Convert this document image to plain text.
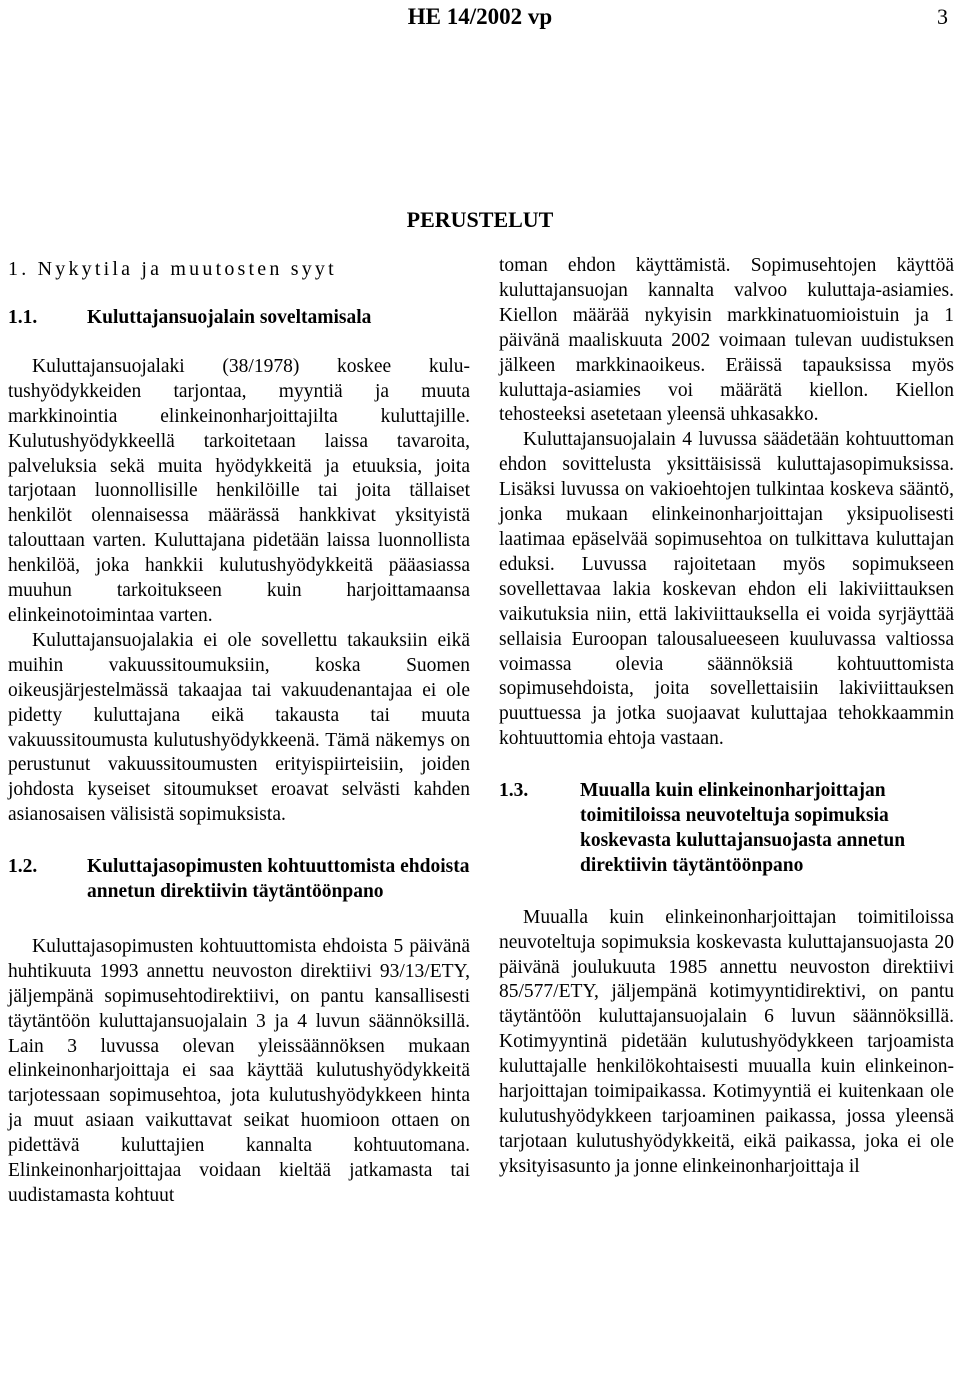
HE 14/2002 vp	3
PERUSTELUT
1. Nykytila ja muutosten syyt
1.1.	Kuluttajansuojalain soveltamisala

Kuluttajansuojalaki (38/1978) koskee kulutushyödykkeiden tarjontaa, myyntiä ja muuta markkinointia elinkeinonharjoittajilta kuluttajille. Kulutushyödykkeellä tarkoitetaan laissa tavaroita, palveluksia sekä muita hyödykkeitä ja etuuksia, joita tarjotaan luonnollisille henkilöille tai joita tällaiset henkilöt olennaisessa määrässä hankkivat yksityistä talouttaan varten. Kuluttajana pidetään laissa luonnollista henkilöä, joka hankkii kulutushyödykkeitä pääasiassa muuhun tarkoitukseen kuin harjoittamaansa elinkeinotoimintaa varten.

Kuluttajansuojalakia ei ole sovellettu takauksiin eikä muihin vakuussitoumuksiin, koska Suomen oikeusjärjestelmässä takaajaa tai vakuudenantajaa ei ole pidetty kuluttajana eikä takausta tai muuta vakuussitoumusta kulutushyödykkeenä. Tämä näkemys on perustunut vakuussitoumusten erityispiirteisiin, joiden johdosta kyseiset sitoumukset eroavat selvästi kahden asianosaisen välisistä sopimuksista.

1.2.	Kuluttajasopimusten kohtuuttomista ehdoista annetun direktiivin täytäntöönpano

Kuluttajasopimusten kohtuuttomista ehdoista 5 päivänä huhtikuuta 1993 annettu neuvoston direktiivi 93/13/ETY, jäljempänä sopimusehtodirektiivi, on pantu kansallisesti täytäntöön kuluttajansuojalain 3 ja 4 luvun säännöksillä. Lain 3 luvussa olevan yleissäännöksen mukaan elinkeinonharjoittaja ei saa käyttää kulutushyödykkeitä tarjotessaan sopimusehtoa, jota kulutushyödykkeen hinta ja muut asiaan vaikuttavat seikat huomioon ottaen on pidettävä kuluttajien kannalta kohtuutomana. Elinkeinonharjoittajaa voidaan kieltää jatkamasta tai uudistamasta kohtuut

toman ehdon käyttämistä. Sopimusehtojen käyttöä kuluttajansuojan kannalta valvoo kuluttaja-asiamies. Kiellon määrää nykyisin markkinatuomioistuin ja 1 päivänä maaliskuuta 2002 voimaan tulevan uudistuksen jälkeen markkinaoikeus. Eräissä tapauksissa myös kuluttaja-asiamies voi määrätä kiellon. Kiellon tehosteeksi asetetaan yleensä uhkasakko.

Kuluttajansuojalain 4 luvussa säädetään kohtuuttoman ehdon sovittelusta yksittäisissä kuluttajasopimuksissa. Lisäksi luvussa on vakioehtojen tulkintaa koskeva sääntö, jonka mukaan elinkeinonharjoittajan yksipuolisesti laatimaa epäselvää sopimusehtoa on tulkittava kuluttajan eduksi. Luvussa rajoitetaan myös sopimukseen sovellettavaa lakia koskevan ehdon eli lakiviittauksen vaikutuksia niin, että lakiviittauksella ei voida syrjäyttää sellaisia Euroopan talousalueeseen kuuluvassa valtiossa voimassa olevia säännöksiä kohtuuttomista sopimusehdoista, joita sovellettaisiin lakiviittauksen puuttuessa ja jotka suojaavat kuluttajaa tehokkaammin kohtuuttomia ehtoja vastaan.

1.3.	Muualla kuin elinkeinonharjoittajan toimitiloissa neuvoteltuja sopimuksia koskevasta kuluttajansuojasta annetun direktiivin täytäntöönpano

Muualla kuin elinkeinonharjoittajan toimitiloissa neuvoteltuja sopimuksia koskevasta kuluttajansuojasta 20 päivänä joulukuuta 1985 annettu neuvoston direktiivi 85/577/ETY, jäljempänä kotimyyntidirektivi, on pantu täytäntöön kuluttajansuojalain 6 luvun säännöksillä. Kotimyyntinä pidetään kulutushyödykkeen tarjoamista kuluttajalle henkilökohtaisesti muualla kuin elinkeinonharjoittajan toimipaikassa. Kotimyyntiä ei kuitenkaan ole kulutushyödykkeen tarjoaminen paikassa, jossa yleensä tarjotaan kulutushyödykkeitä, eikä paikassa, joka ei ole yksityisasunto ja jonne elinkeinonharjoittaja il
